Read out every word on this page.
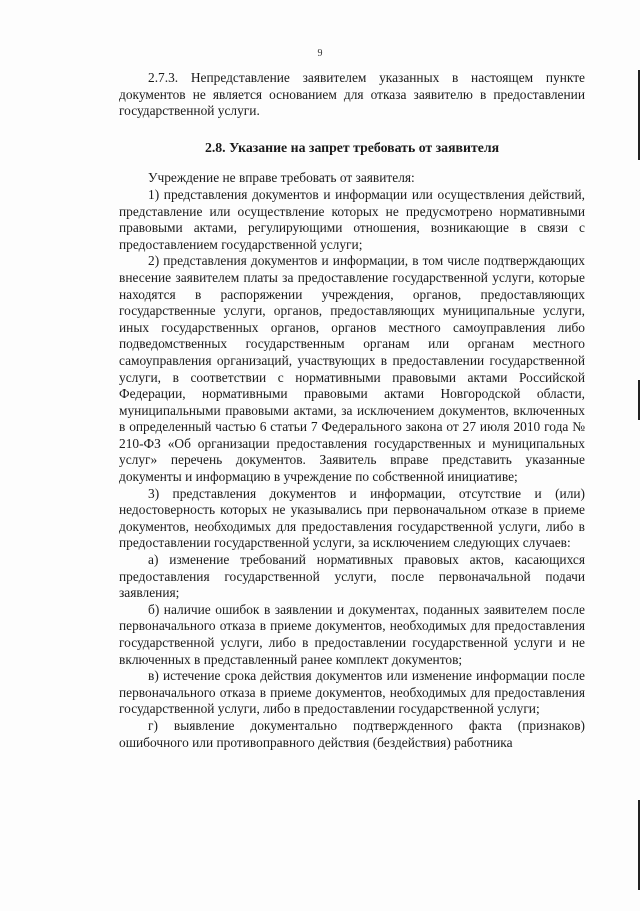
9

2.7.3. Непредставление заявителем указанных в настоящем пункте документов не является основанием для отказа заявителю в предоставлении государственной услуги.

2.8. Указание на запрет требовать от заявителя

Учреждение не вправе требовать от заявителя:

1) представления документов и информации или осуществления действий, представление или осуществление которых не предусмотрено нормативными правовыми актами, регулирующими отношения, возникающие в связи с предоставлением государственной услуги;

2) представления документов и информации, в том числе подтверждающих внесение заявителем платы за предоставление государственной услуги, которые находятся в распоряжении учреждения, органов, предоставляющих государственные услуги, органов, предоставляющих муниципальные услуги, иных государственных органов, органов местного самоуправления либо подведомственных государственным органам или органам местного самоуправления организаций, участвующих в предоставлении государственной услуги, в соответствии с нормативными правовыми актами Российской Федерации, нормативными правовыми актами Новгородской области, муниципальными правовыми актами, за исключением документов, включенных в определенный частью 6 статьи 7 Федерального закона от 27 июля 2010 года № 210-ФЗ «Об организации предоставления государственных и муниципальных услуг» перечень документов. Заявитель вправе представить указанные документы и информацию в учреждение по собственной инициативе;

3) представления документов и информации, отсутствие и (или) недостоверность которых не указывались при первоначальном отказе в приеме документов, необходимых для предоставления государственной услуги, либо в предоставлении государственной услуги, за исключением следующих случаев:

а) изменение требований нормативных правовых актов, касающихся предоставления государственной услуги, после первоначальной подачи заявления;

б) наличие ошибок в заявлении и документах, поданных заявителем после первоначального отказа в приеме документов, необходимых для предоставления государственной услуги, либо в предоставлении государственной услуги и не включенных в представленный ранее комплект документов;

в) истечение срока действия документов или изменение информации после первоначального отказа в приеме документов, необходимых для предоставления государственной услуги, либо в предоставлении государственной услуги;

г) выявление документально подтвержденного факта (признаков) ошибочного или противоправного действия (бездействия) работника
